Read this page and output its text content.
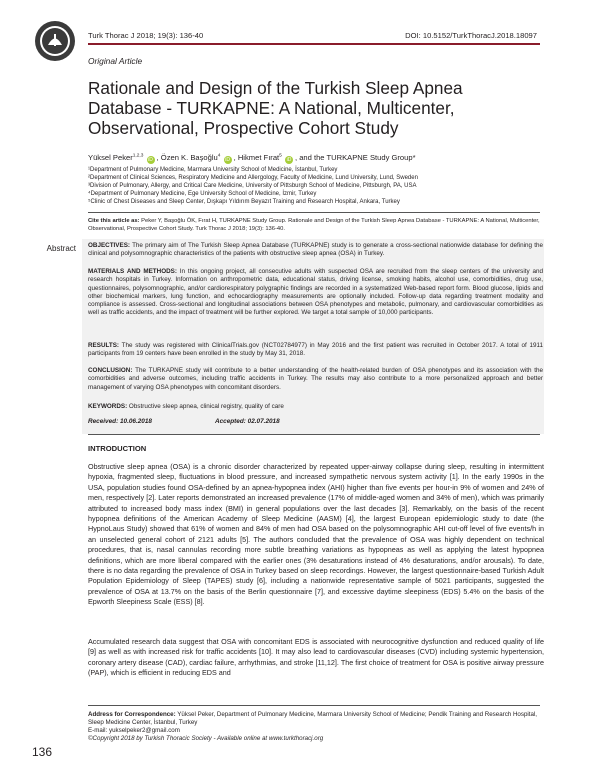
Turk Thorac J 2018; 19(3): 136-40	DOI: 10.5152/TurkThoracJ.2018.18097
Original Article
Rationale and Design of the Turkish Sleep Apnea
Database - TURKAPNE: A National, Multicenter,
Observational, Prospective Cohort Study
Yüksel Peker$^{1,2,3}$ iD , Özen K. Başoğlu$^4$ iD , Hikmet Fırat$^5$ iD , and the TURKAPNE Study Group*
¹Department of Pulmonary Medicine, Marmara University School of Medicine, İstanbul, Turkey
²Department of Clinical Sciences, Respiratory Medicine and Allergology, Faculty of Medicine, Lund University, Lund, Sweden
³Division of Pulmonary, Allergy, and Critical Care Medicine, University of Pittsburgh School of Medicine, Pittsburgh, PA, USA
⁴Department of Pulmonary Medicine, Ege University School of Medicine, İzmir, Turkey
⁵Clinic of Chest Diseases and Sleep Center, Dışkapı Yıldırım Beyazıt Training and Research Hospital, Ankara, Turkey
Cite this article as: Peker Y, Başoğlu ÖK, Fırat H, TURKAPNE Study Group. Rationale and Design of the Turkish Sleep Apnea Database - TURKAPNE: A National, Multicenter, Observational, Prospective Cohort Study. Turk Thorac J 2018; 19(3): 136-40.
Abstract OBJECTIVES: The primary aim of The Turkish Sleep Apnea Database (TURKAPNE) study is to generate a cross-sectional nationwide database for defining the clinical and polysomnographic characteristics of the patients with obstructive sleep apnea (OSA) in Turkey.
MATERIALS AND METHODS: In this ongoing project, all consecutive adults with suspected OSA are recruited from the sleep centers of the university and research hospitals in Turkey. Information on anthropometric data, educational status, driving license, smoking habits, alcohol use, comorbidities, drug use, questionnaires, polysomnographic, and/or cardiorespiratory polygraphic findings are recorded in a systematized Web-based report form. Blood glucose, lipids and other biochemical markers, lung function, and echocardiography measurements are optionally included. Follow-up data regarding treatment modality and compliance is assessed. Cross-sectional and longitudinal associations between OSA phenotypes and metabolic, pulmonary, and cardiovascular comorbidities as well as traffic accidents, and the impact of treatment will be further explored. We target a total sample of 10,000 participants.
RESULTS: The study was registered with ClinicalTrials.gov (NCT02784977) in May 2016 and the first patient was recruited in October 2017. A total of 1911 participants from 19 centers have been enrolled in the study by May 31, 2018.
CONCLUSION: The TURKAPNE study will contribute to a better understanding of the health-related burden of OSA phenotypes and its association with the comorbidities and adverse outcomes, including traffic accidents in Turkey. The results may also contribute to a more personalized approach and better management of varying OSA phenotypes with concomitant disorders.
KEYWORDS: Obstructive sleep apnea, clinical registry, quality of care
Received: 10.06.2018	Accepted: 02.07.2018
INTRODUCTION
Obstructive sleep apnea (OSA) is a chronic disorder characterized by repeated upper-airway collapse during sleep, resulting in intermittent hypoxia, fragmented sleep, fluctuations in blood pressure, and increased sympathetic nervous system activity [1]. In the early 1990s in the USA, population studies found OSA-defined by an apnea-hypopnea index (AHI) higher than five events per hour-in 9% of women and 24% of men, respectively [2]. Later reports demonstrated an increased prevalence (17% of middle-aged women and 34% of men), which was primarily attributed to increased body mass index (BMI) in general populations over the last decades [3]. Remarkably, on the basis of the recent hypopnea definitions of the American Academy of Sleep Medicine (AASM) [4], the largest European epidemiologic study to date (the HypnoLaus Study) showed that 61% of women and 84% of men had OSA based on the polysomnographic AHI cut-off level of five events/h in an unselected general cohort of 2121 adults [5]. The authors concluded that the prevalence of OSA was highly dependent on technical procedures, that is, nasal cannulas recording more subtle breathing variations as hypopneas as well as applying the latest hypopnea definitions, which are more liberal compared with the earlier ones (3% desaturations instead of 4% desaturations, and/or arousals). To date, there is no data regarding the prevalence of OSA in Turkey based on sleep recordings. However, the largest questionnaire-based Turkish Adult Population Epidemiology of Sleep (TAPES) study [6], including a nationwide representative sample of 5021 participants, suggested the prevalence of OSA at 13.7% on the basis of the Berlin questionnaire [7], and excessive daytime sleepiness (EDS) 5.4% on the basis of the Epworth Sleepiness Scale (ESS) [8].
Accumulated research data suggest that OSA with concomitant EDS is associated with neurocognitive dysfunction and reduced quality of life [9] as well as with increased risk for traffic accidents [10]. It may also lead to cardiovascular diseases (CVD) including systemic hypertension, coronary artery disease (CAD), cardiac failure, arrhythmias, and stroke [11,12]. The first choice of treatment for OSA is positive airway pressure (PAP), which is efficient in reducing EDS and
Address for Correspondence: Yüksel Peker, Department of Pulmonary Medicine, Marmara University School of Medicine; Pendik Training and Research Hospital, Sleep Medicine Center, İstanbul, Turkey
E-mail: yukselpeker2@gmail.com
©Copyright 2018 by Turkish Thoracic Society - Available online at www.turkthoracj.org
136
